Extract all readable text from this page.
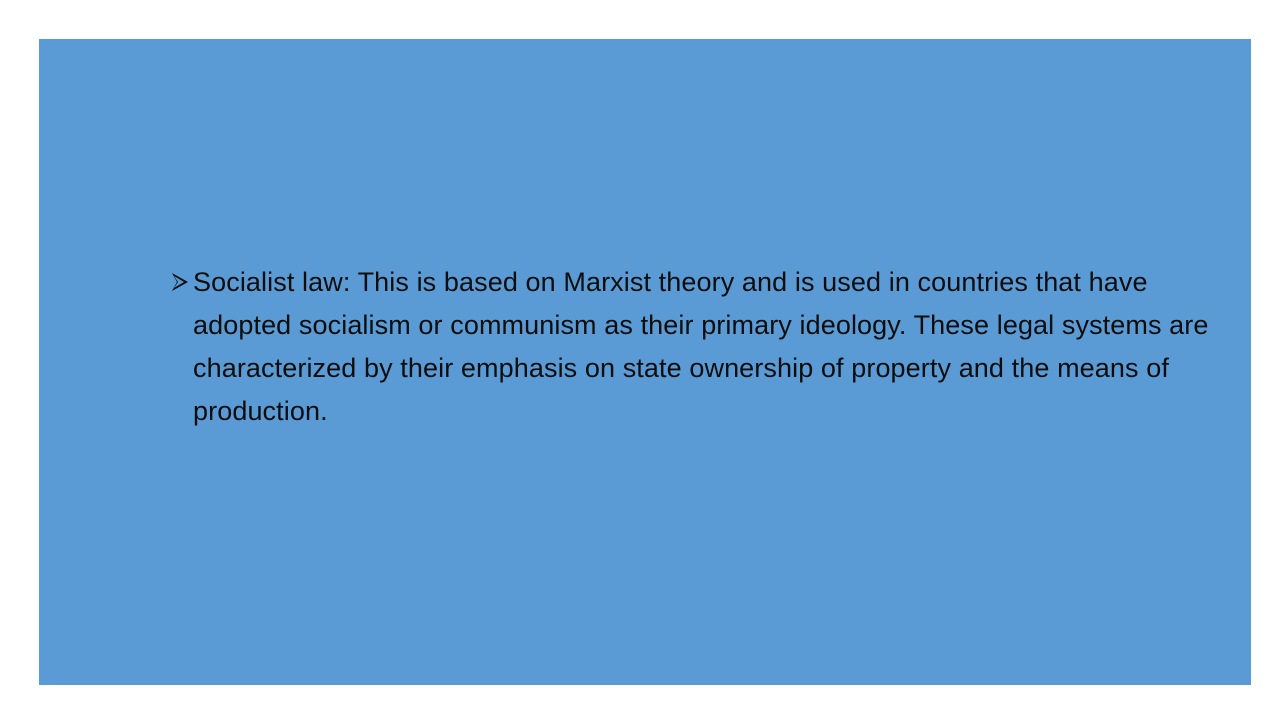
Socialist law: This is based on Marxist theory and is used in countries that have adopted socialism or communism as their primary ideology. These legal systems are characterized by their emphasis on state ownership of property and the means of production.
